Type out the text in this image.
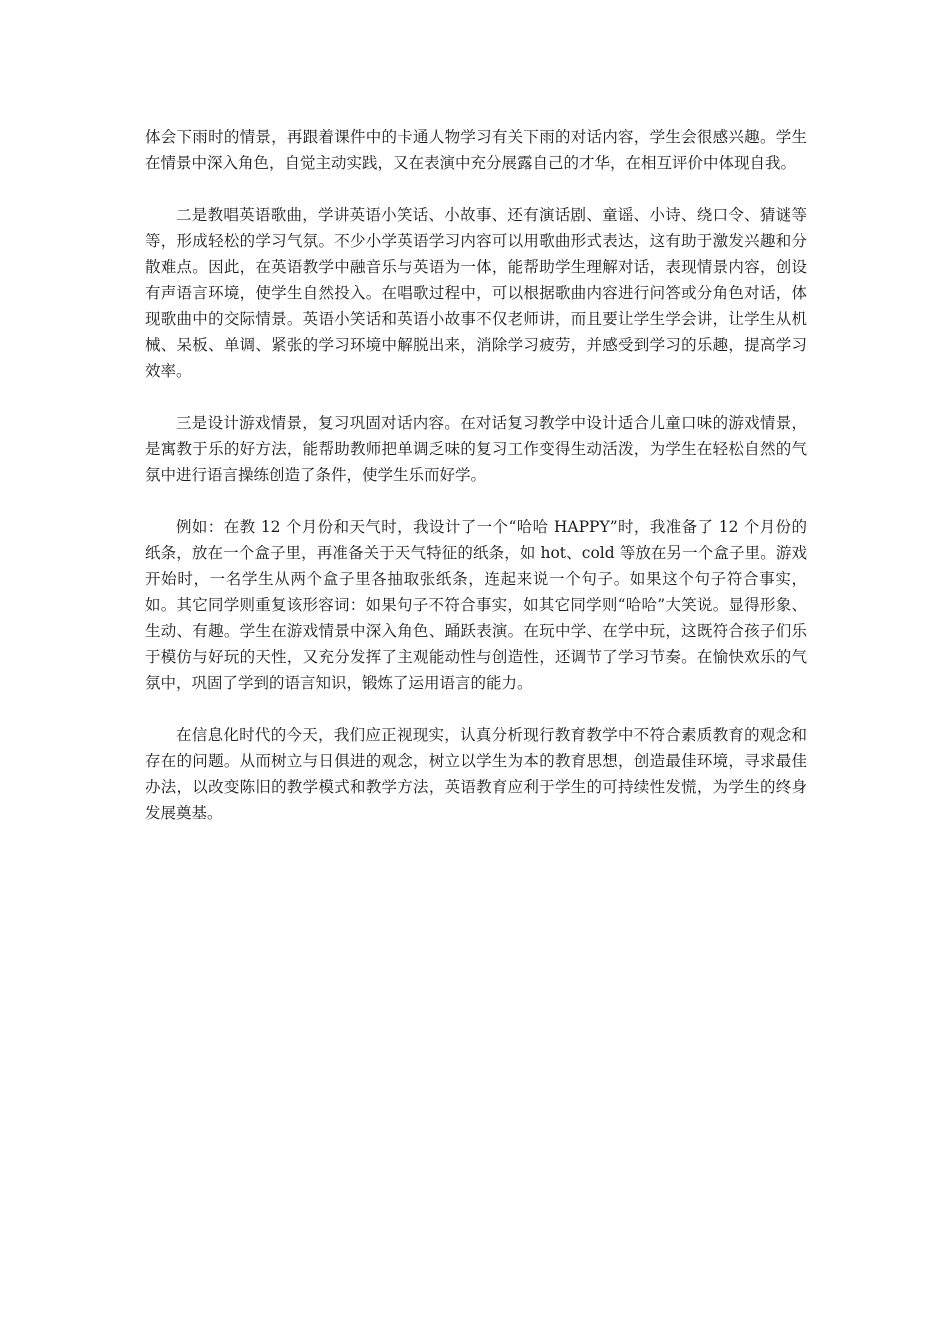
体会下雨时的情景，再跟着课件中的卡通人物学习有关下雨的对话内容，学生会很感兴趣。学生在情景中深入角色，自觉主动实践，又在表演中充分展露自己的才华，在相互评价中体现自我。

二是教唱英语歌曲，学讲英语小笑话、小故事、还有演话剧、童谣、小诗、绕口令、猜谜等等，形成轻松的学习气氛。不少小学英语学习内容可以用歌曲形式表达，这有助于激发兴趣和分散难点。因此，在英语教学中融音乐与英语为一体，能帮助学生理解对话，表现情景内容，创设有声语言环境，使学生自然投入。在唱歌过程中，可以根据歌曲内容进行问答或分角色对话，体现歌曲中的交际情景。英语小笑话和英语小故事不仅老师讲，而且要让学生学会讲，让学生从机械、呆板、单调、紧张的学习环境中解脱出来，消除学习疲劳，并感受到学习的乐趣，提高学习效率。

三是设计游戏情景，复习巩固对话内容。在对话复习教学中设计适合儿童口味的游戏情景，是寓教于乐的好方法，能帮助教师把单调乏味的复习工作变得生动活泼，为学生在轻松自然的气氛中进行语言操练创造了条件，使学生乐而好学。

例如：在教 12 个月份和天气时，我设计了一个“哈哈 HAPPY”时，我准备了 12 个月份的纸条，放在一个盒子里，再准备关于天气特征的纸条，如 hot、cold 等放在另一个盒子里。游戏开始时，一名学生从两个盒子里各抽取张纸条，连起来说一个句子。如果这个句子符合事实，如。其它同学则重复该形容词：如果句子不符合事实，如其它同学则“哈哈”大笑说。显得形象、生动、有趣。学生在游戏情景中深入角色、踊跃表演。在玩中学、在学中玩，这既符合孩子们乐于模仿与好玩的天性，又充分发挥了主观能动性与创造性，还调节了学习节奏。在愉快欢乐的气氛中，巩固了学到的语言知识，锻炼了运用语言的能力。

在信息化时代的今天，我们应正视现实，认真分析现行教育教学中不符合素质教育的观念和存在的问题。从而树立与日俱进的观念，树立以学生为本的教育思想，创造最佳环境，寻求最佳办法，以改变陈旧的教学模式和教学方法，英语教育应利于学生的可持续性发慌，为学生的终身发展奠基。
